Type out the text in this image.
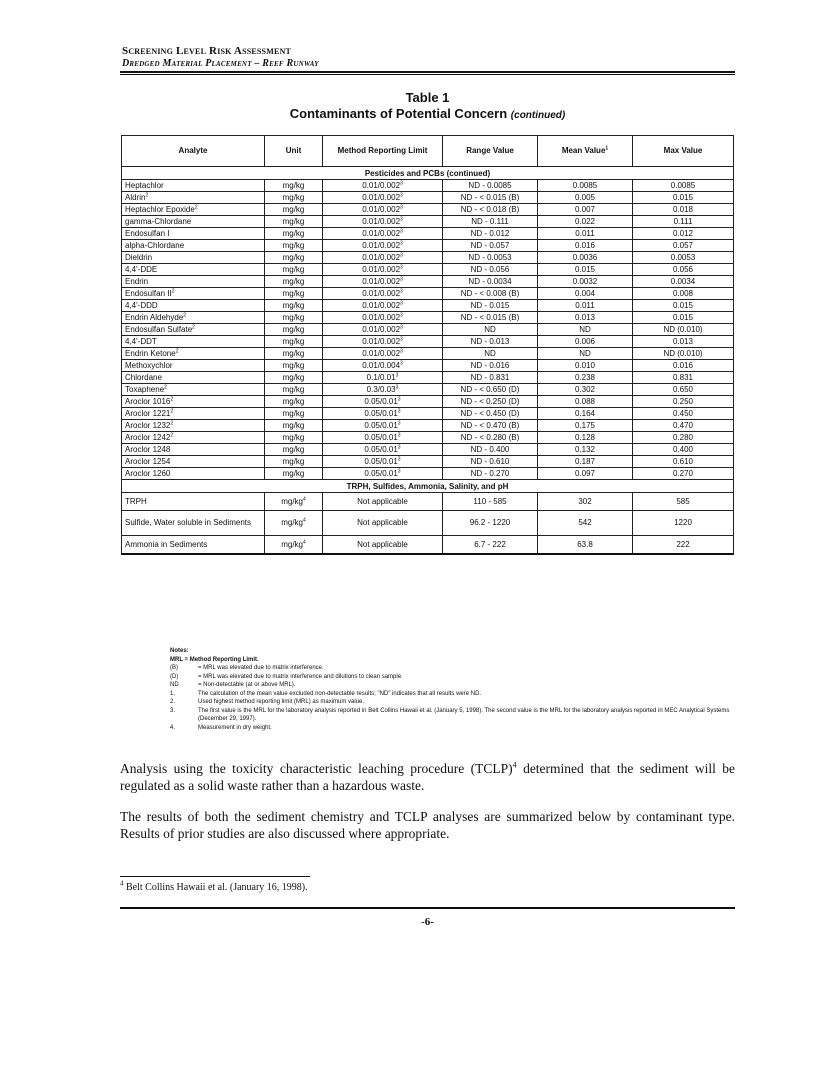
Screening Level Risk Assessment
Dredged Material Placement – Reef Runway
Table 1
Contaminants of Potential Concern (continued)
Analyte	Unit	Method Reporting Limit	Range Value	Mean Value$^1$	Max Value
Pesticides and PCBs (continued)					
Heptachlor	mg/kg	0.01/0.002$^3$	ND - 0.0085	0.0085	0.0085
Aldrin$^2$	mg/kg	0.01/0.002$^3$	ND - < 0.015 (B)	0.005	0.015
Heptachlor Epoxide$^2$	mg/kg	0.01/0.002$^3$	ND - < 0.018 (B)	0.007	0.018
gamma-Chlordane	mg/kg	0.01/0.002$^3$	ND - 0.111	0.022	0.111
Endosulfan I	mg/kg	0.01/0.002$^3$	ND - 0.012	0.011	0.012
alpha-Chlordane	mg/kg	0.01/0.002$^3$	ND - 0.057	0.016	0.057
Dieldrin	mg/kg	0.01/0.002$^3$	ND - 0.0053	0.0036	0.0053
4,4'-DDE	mg/kg	0.01/0.002$^3$	ND - 0.056	0.015	0.056
Endrin	mg/kg	0.01/0.002$^3$	ND - 0.0034	0.0032	0.0034
Endosulfan $II^2$	mg/kg	0.01/0.002$^3$	ND - < 0.008 (B)	0.004	0.008
4,4'-DDD	mg/kg	0.01/0.002$^3$	ND - 0.015	0.011	0.015
Endrin Aldehyde$^2$	mg/kg	0.01/0.002$^3$	ND - < 0.015 (B)	0.013	0.015
Endosulfan Sulfate$^2$	mg/kg	0.01/0.002$^3$	ND	ND	ND (0.010)
4,4'-DDT	mg/kg	0.01/0.002$^3$	ND - 0.013	0.006	0.013
Endrin Ketone$^2$	mg/kg	0.01/0.002$^3$	ND	ND	ND (0.010)
Methoxychlor	mg/kg	0.01/0.004$^3$	ND - 0.016	0.010	0.016
Chlordane	mg/kg	0.1/0.01$^3$	ND - 0.831	0.238	0.831
Toxaphene$^2$	mg/kg	0.3/0.03$^3$	ND - < 0.650 (D)	0.302	0.650
Aroclor 1016$^2$	mg/kg	0.05/0.01$^3$	ND - < 0.250 (D)	0.088	0.250
Aroclor 1221$^2$	mg/kg	0.05/0.01$^3$	ND - < 0.450 (D)	0.164	0.450
Aroclor 1232$^2$	mg/kg	0.05/0.01$^3$	ND - < 0.470 (B)	0.175	0.470
Aroclor 1242$^2$	mg/kg	0.05/0.01$^3$	ND - < 0.280 (B)	0.128	0.280
Aroclor 1248	mg/kg	0.05/0.01$^3$	ND - 0.400	0.132	0.400
Aroclor 1254	mg/kg	0.05/0.01$^3$	ND - 0.610	0.187	0.610
Aroclor 1260	mg/kg	0.05/0.01$^3$	ND - 0.270	0.097	0.270
TRPH, Sulfides, Ammonia, Salinity, and pH					
TRPH	$mg/kg^4$	Not applicable	110 - 585	302	585
Sulfide, Water soluble in Sediments	$mg/kg^4$	Not applicable	96.2 - 1220	542	1220
Ammonia in Sediments	$mg/kg^4$	Not applicable	6.7 - 222	63.8	222
Notes:
MRL = Method Reporting Limit.
(B)	= MRL was elevated due to matrix interference.
(D)	= MRL was elevated due to matrix interference and dilutions to clean sample.
ND	= Non-detectable (at or above MRL).
1.	The calculation of the mean value excluded non-detectable results; "ND" indicates that all results were ND.
2.	Used highest method reporting limit (MRL) as maximum value.
3.	The first value is the MRL for the laboratory analysis reported in Belt Collins Hawaii et al. (January 5, 1998). The second value is the MRL for the laboratory analysis reported in MEC Analytical Systems (December 29, 1997).
4.	Measurement in dry weight.
Analysis using the toxicity characteristic leaching procedure (TCLP)$^4$ determined that the sediment will be regulated as a solid waste rather than a hazardous waste.
The results of both the sediment chemistry and TCLP analyses are summarized below by contaminant type. Results of prior studies are also discussed where appropriate.
$^4$ Belt Collins Hawaii et al. (January 16, 1998).
-6-
